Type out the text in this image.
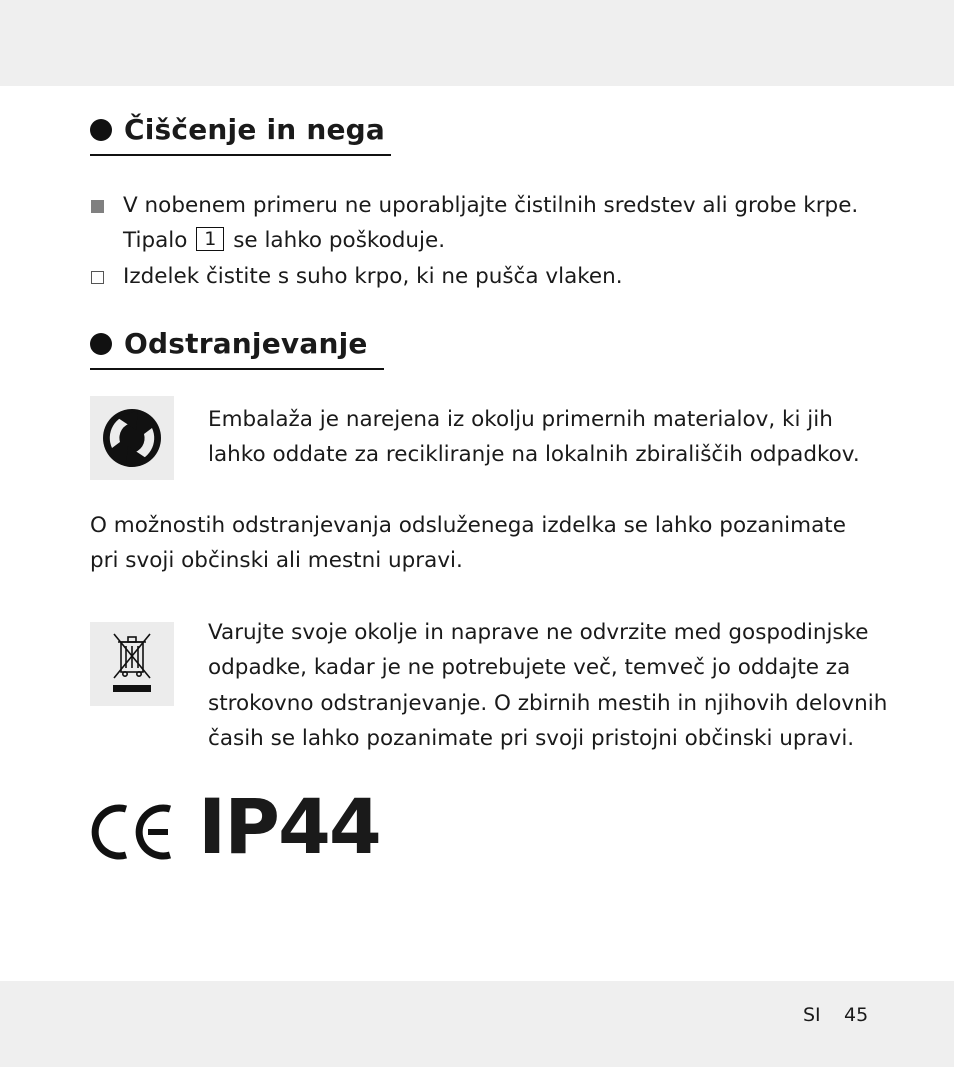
Čiščenje in nega
V nobenem primeru ne uporabljajte čistilnih sredstev ali grobe krpe.
Tipalo 1 se lahko poškoduje.
Izdelek čistite s suho krpo, ki ne pušča vlaken.
Odstranjevanje
Embalaža je narejena iz okolju primernih materialov, ki jih
lahko oddate za recikliranje na lokalnih zbirališčih odpadkov.
O možnostih odstranjevanja odsluženega izdelka se lahko pozanimate
pri svoji občinski ali mestni upravi.
Varujte svoje okolje in naprave ne odvrzite med gospodinjske
odpadke, kadar je ne potrebujete več, temveč jo oddajte za
strokovno odstranjevanje. O zbirnih mestih in njihovih delovnih
časih se lahko pozanimate pri svoji pristojni občinski upravi.
IP44
SI 45
